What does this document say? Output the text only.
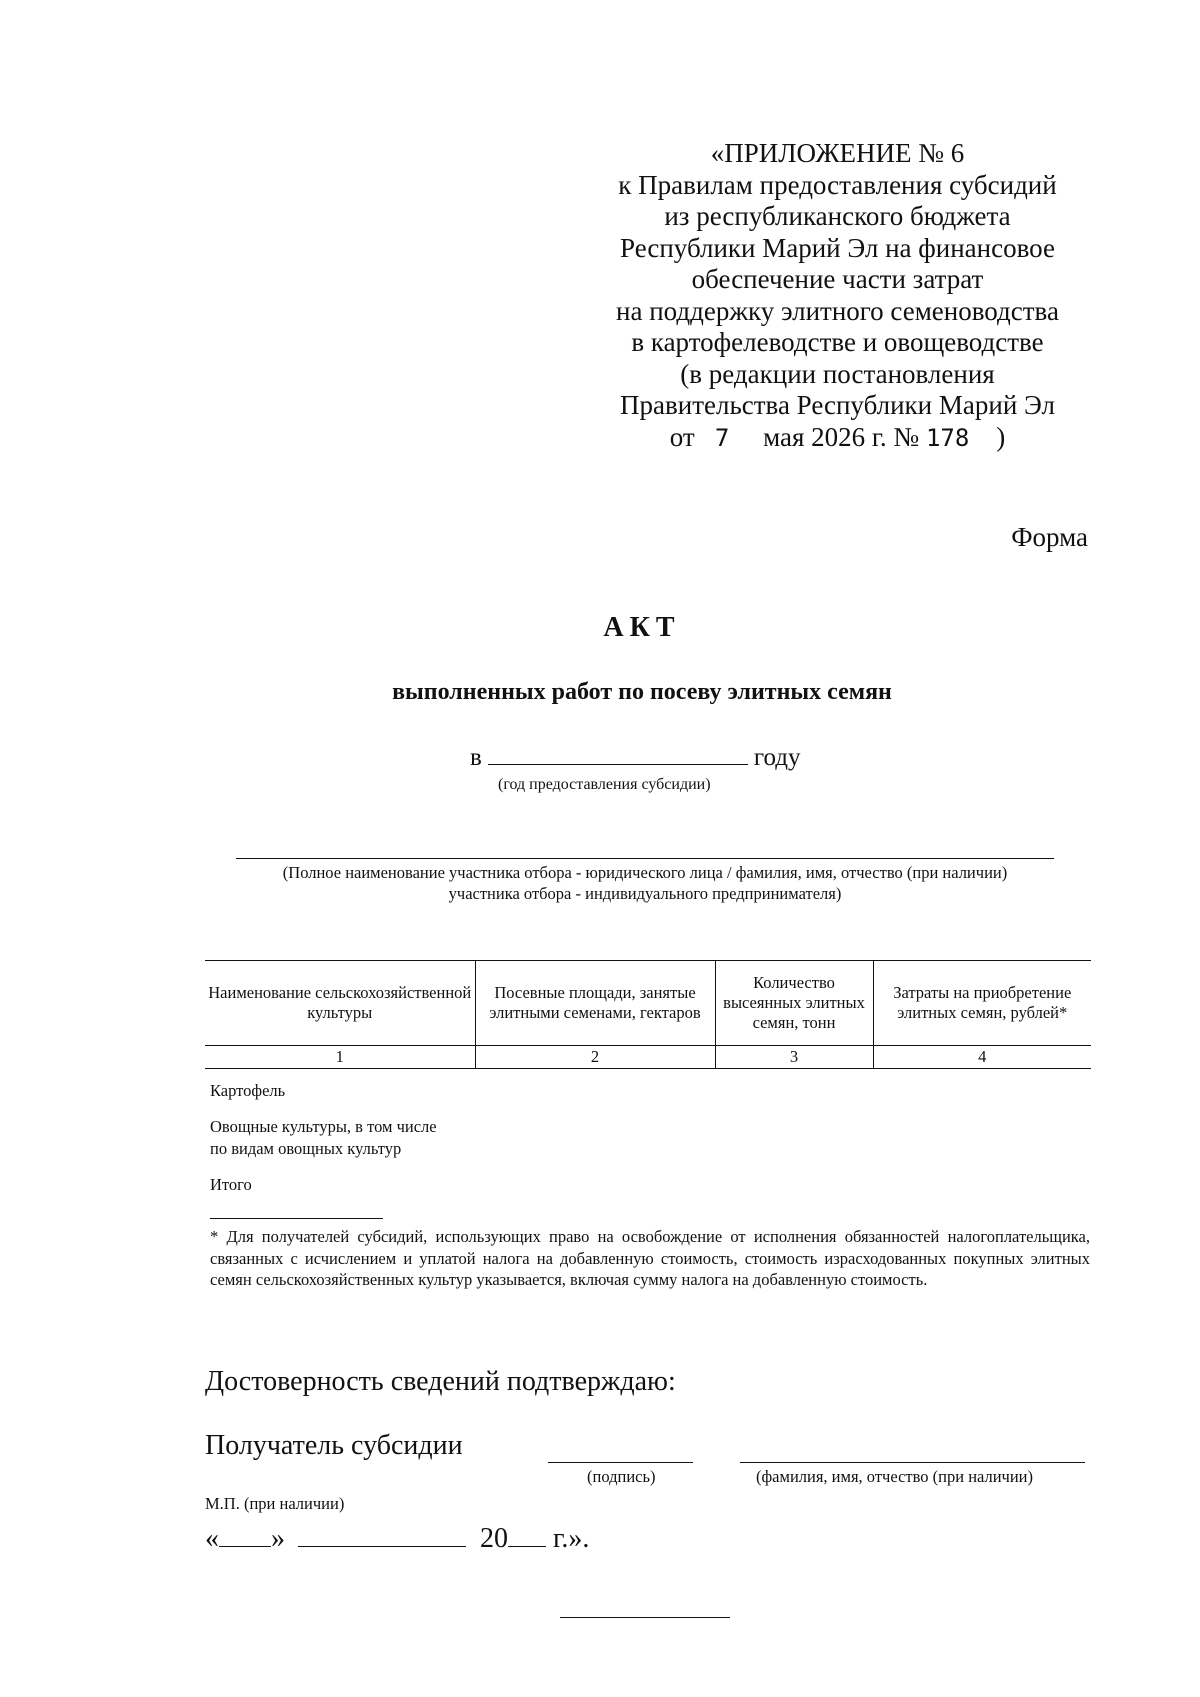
«ПРИЛОЖЕНИЕ № 6
к Правилам предоставления субсидий
из республиканского бюджета
Республики Марий Эл на финансовое
обеспечение части затрат
на поддержку элитного семеноводства
в картофелеводстве и овощеводстве
(в редакции постановления
Правительства Республики Марий Эл
от 7 мая 2026 г. № 178 )
Форма
АКТ
выполненных работ по посеву элитных семян
в	году
(год предоставления субсидии)
(Полное наименование участника отбора - юридического лица / фамилия, имя, отчество (при наличии)
участника отбора - индивидуального предпринимателя)
Наименование сельскохозяйственной культуры	Посевные площади, занятые элитными семенами, гектаров	Количество высеянных элитных семян, тонн	Затраты на приобретение элитных семян, рублей*
1	2	3	4
Картофель
Овощные культуры, в том числе
по видам овощных культур
Итого
* Для получателей субсидий, использующих право на освобождение от исполнения обязанностей налогоплательщика, связанных с исчислением и уплатой налога на добавленную стоимость, стоимость израсходованных покупных элитных семян сельскохозяйственных культур указывается, включая сумму налога на добавленную стоимость.
Достоверность сведений подтверждаю:
Получатель субсидии
(подпись)	(фамилия, имя, отчество (при наличии)
М.П. (при наличии)
« »	20 г.».
